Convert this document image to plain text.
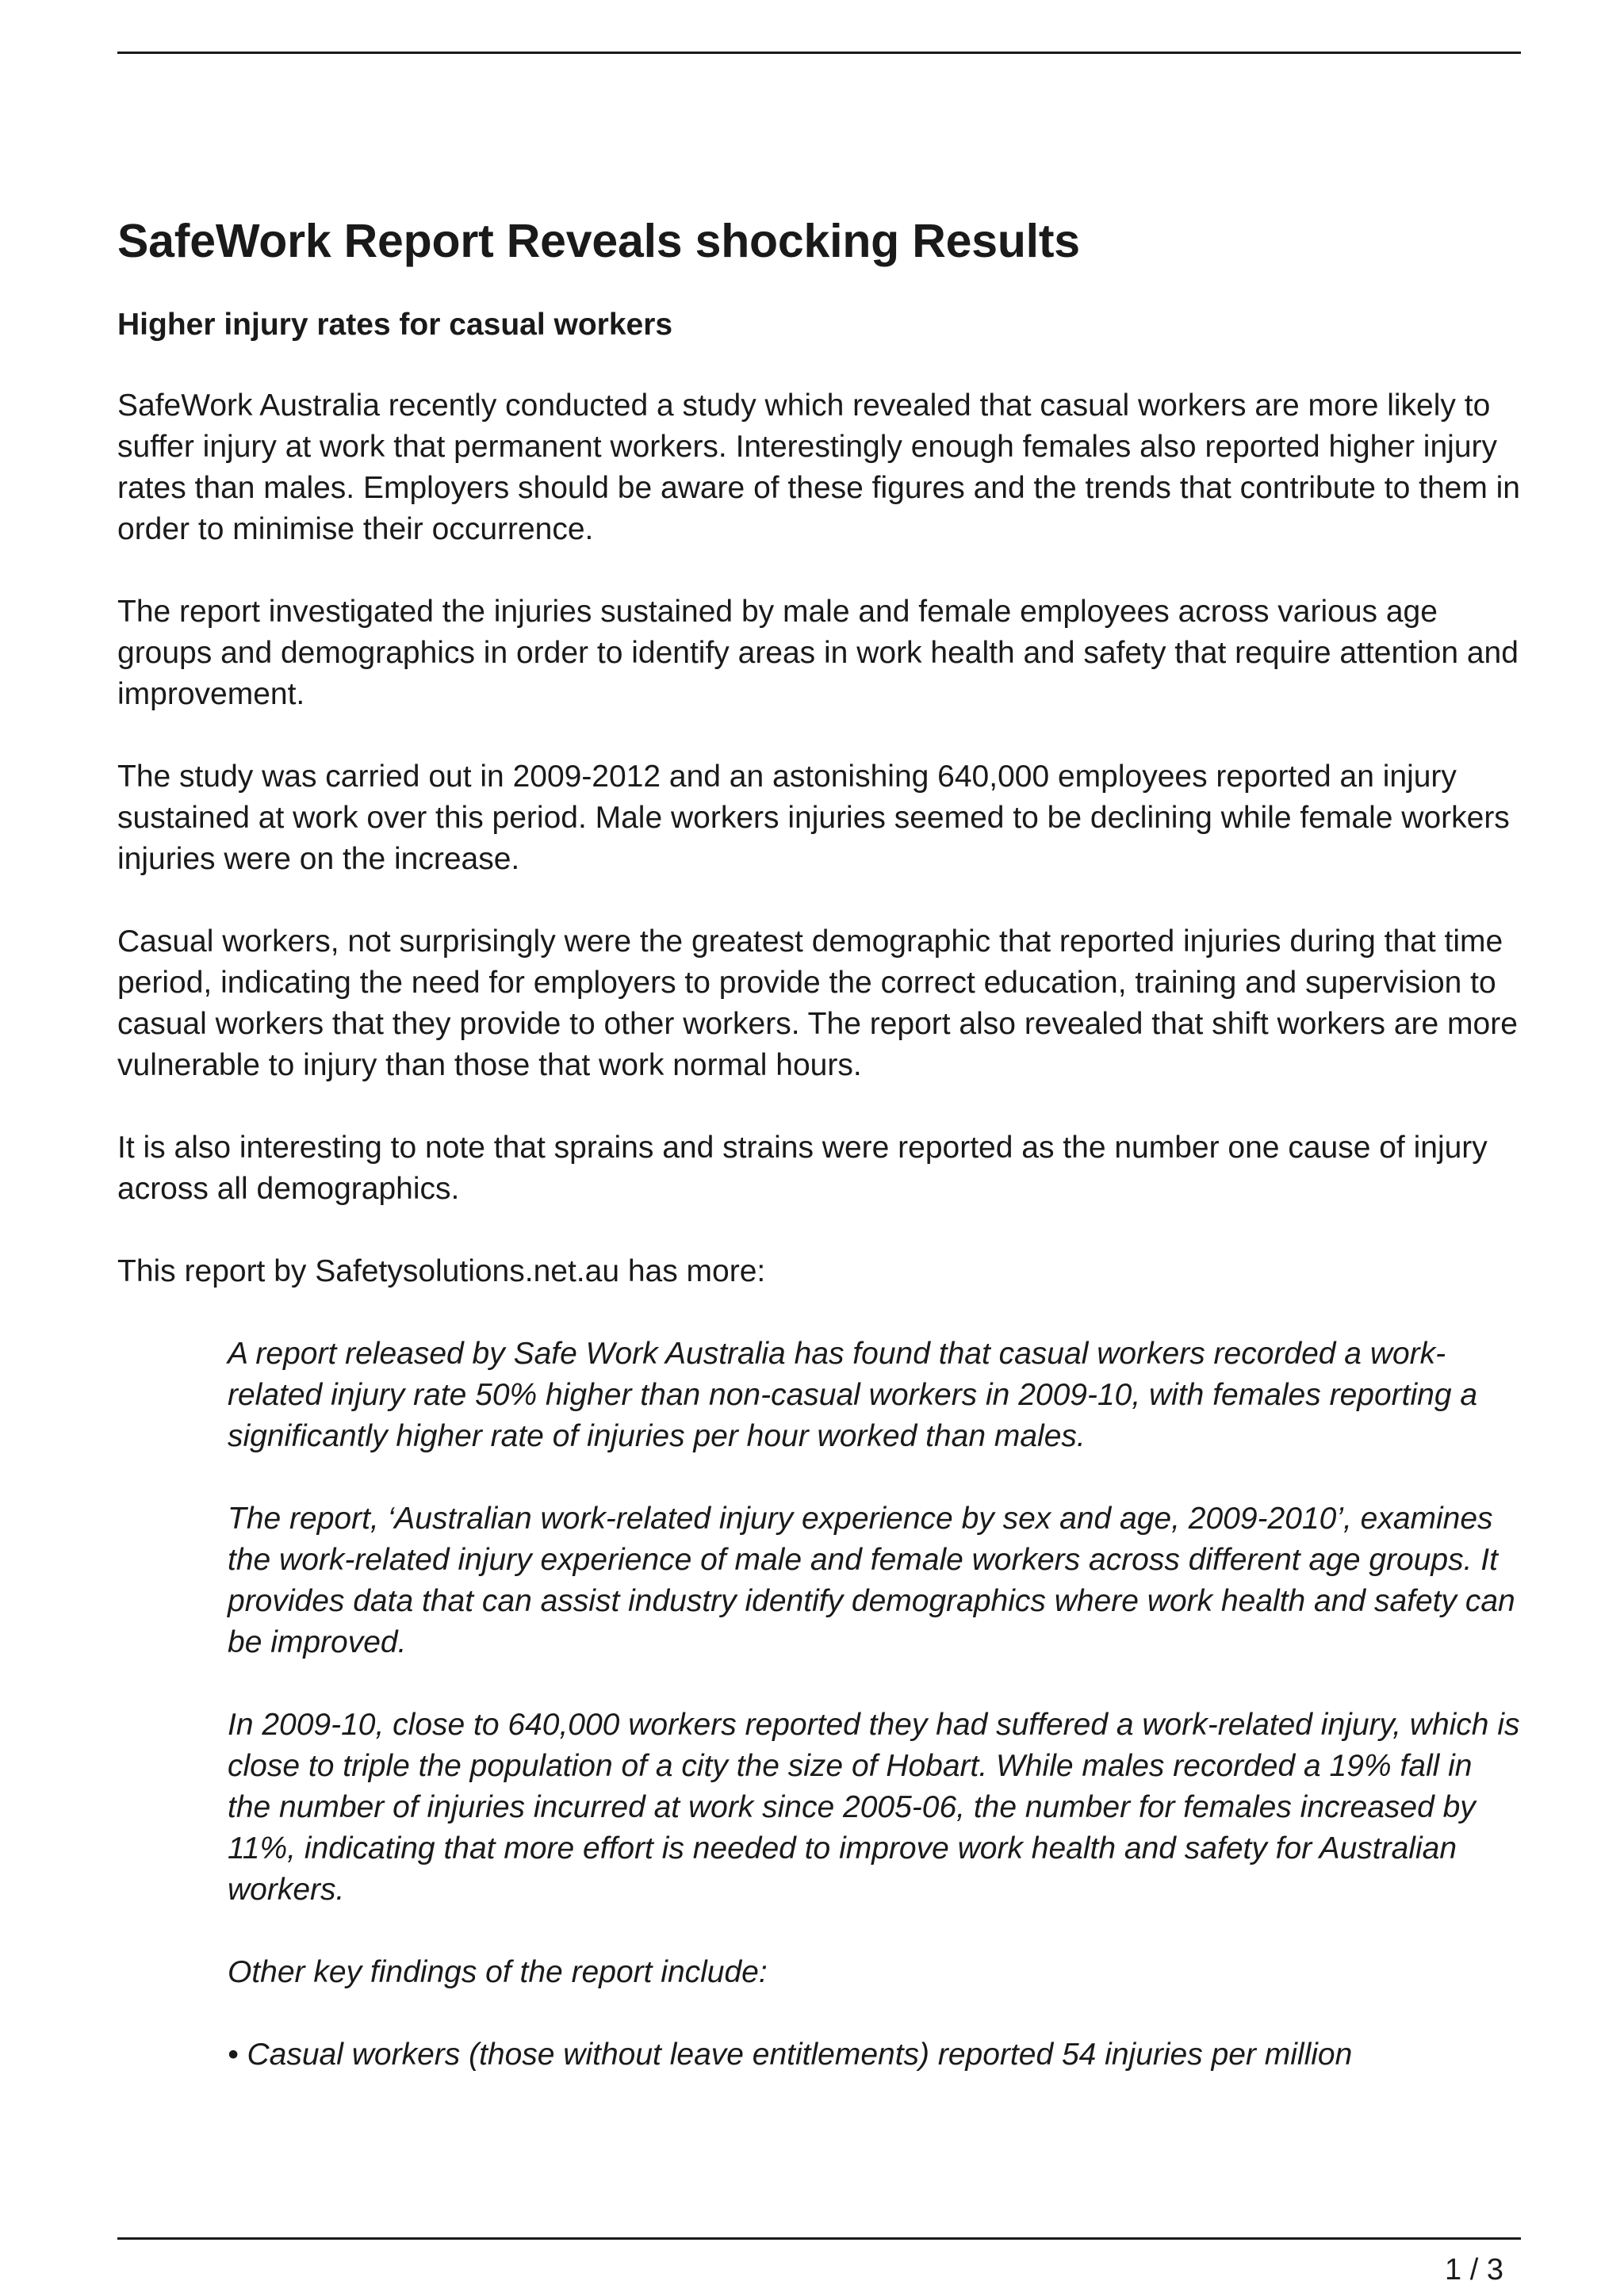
SafeWork Report Reveals shocking Results

Higher injury rates for casual workers

SafeWork Australia recently conducted a study which revealed that casual workers are more likely to suffer injury at work that permanent workers. Interestingly enough females also reported higher injury rates than males. Employers should be aware of these figures and the trends that contribute to them in order to minimise their occurrence.

The report investigated the injuries sustained by male and female employees across various age groups and demographics in order to identify areas in work health and safety that require attention and improvement.

The study was carried out in 2009-2012 and an astonishing 640,000 employees reported an injury sustained at work over this period. Male workers injuries seemed to be declining while female workers injuries were on the increase.

Casual workers, not surprisingly were the greatest demographic that reported injuries during that time period, indicating the need for employers to provide the correct education, training and supervision to casual workers that they provide to other workers. The report also revealed that shift workers are more vulnerable to injury than those that work normal hours.

It is also interesting to note that sprains and strains were reported as the number one cause of injury across all demographics.

This report by Safetysolutions.net.au has more:

A report released by Safe Work Australia has found that casual workers recorded a work-related injury rate 50% higher than non-casual workers in 2009-10, with females reporting a significantly higher rate of injuries per hour worked than males.

The report, ‘Australian work-related injury experience by sex and age, 2009-2010’, examines the work-related injury experience of male and female workers across different age groups. It provides data that can assist industry identify demographics where work health and safety can be improved.

In 2009-10, close to 640,000 workers reported they had suffered a work-related injury, which is close to triple the population of a city the size of Hobart. While males recorded a 19% fall in the number of injuries incurred at work since 2005-06, the number for females increased by 11%, indicating that more effort is needed to improve work health and safety for Australian workers.

Other key findings of the report include:

• Casual workers (those without leave entitlements) reported 54 injuries per million

1 / 3
